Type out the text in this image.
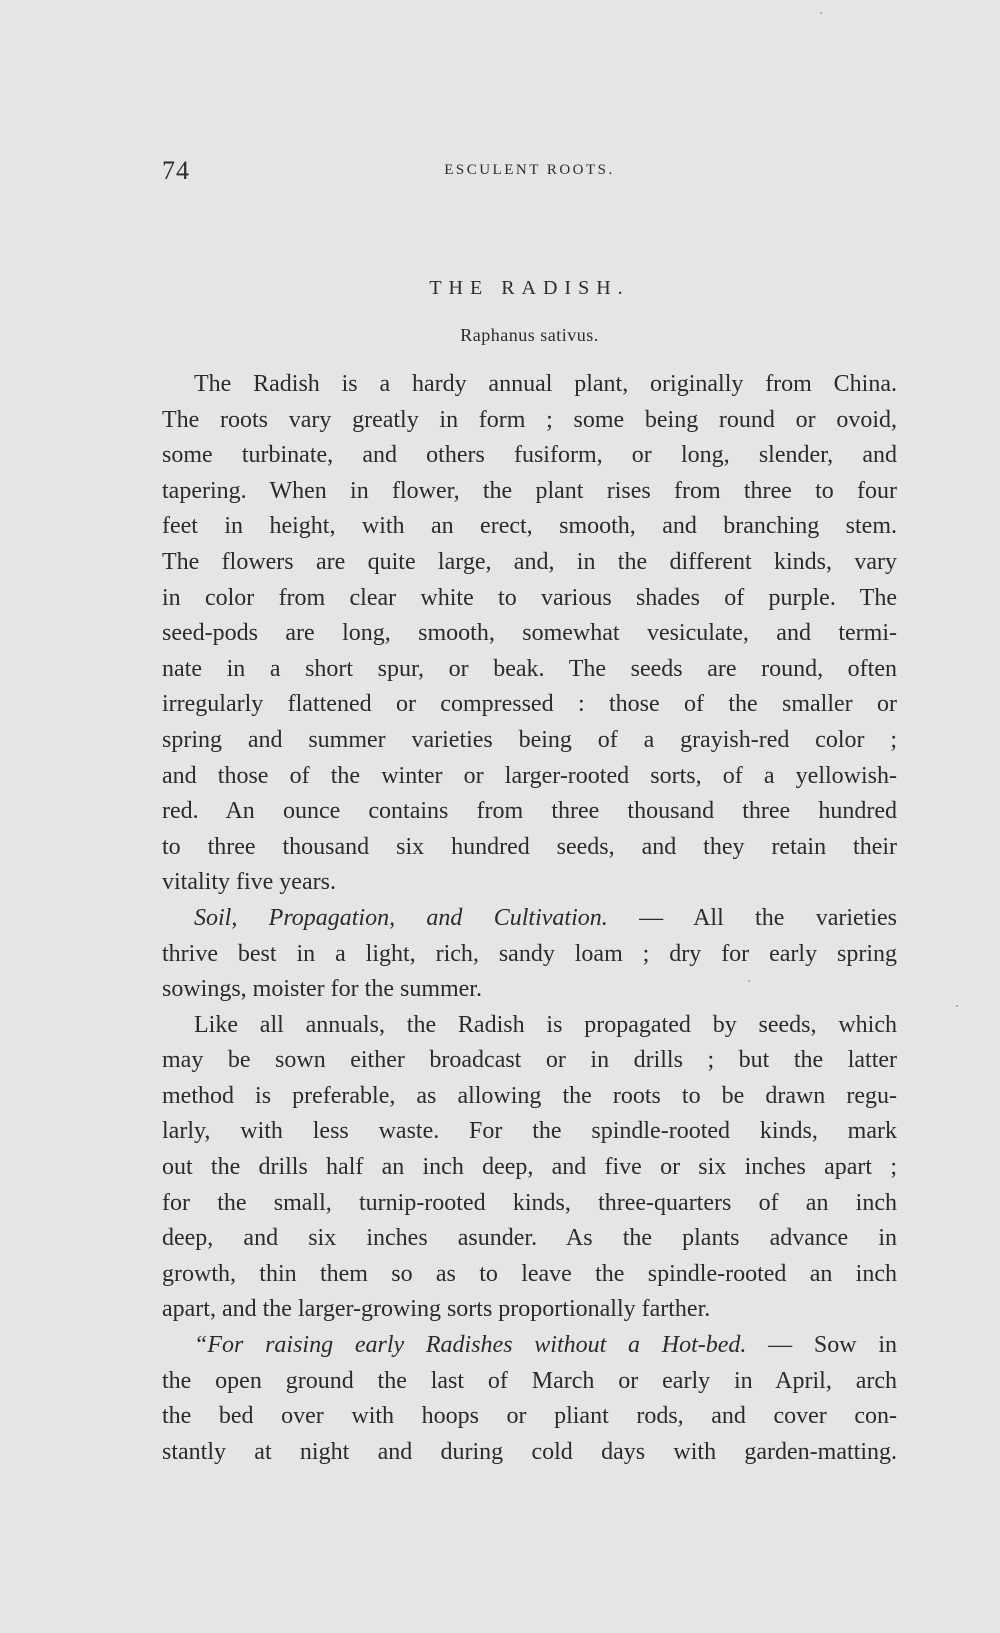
74	ESCULENT ROOTS.
THE RADISH.
Raphanus sativus.
The Radish is a hardy annual plant, originally from China.
The roots vary greatly in form ; some being round or ovoid,
some turbinate, and others fusiform, or long, slender, and
tapering. When in flower, the plant rises from three to four
feet in height, with an erect, smooth, and branching stem.
The flowers are quite large, and, in the different kinds, vary
in color from clear white to various shades of purple. The
seed-pods are long, smooth, somewhat vesiculate, and termi-
nate in a short spur, or beak. The seeds are round, often
irregularly flattened or compressed : those of the smaller or
spring and summer varieties being of a grayish-red color ;
and those of the winter or larger-rooted sorts, of a yellowish-
red. An ounce contains from three thousand three hundred
to three thousand six hundred seeds, and they retain their
vitality five years.
Soil, Propagation, and Cultivation. — All the varieties
thrive best in a light, rich, sandy loam ; dry for early spring
sowings, moister for the summer.
Like all annuals, the Radish is propagated by seeds, which
may be sown either broadcast or in drills ; but the latter
method is preferable, as allowing the roots to be drawn regu-
larly, with less waste. For the spindle-rooted kinds, mark
out the drills half an inch deep, and five or six inches apart ;
for the small, turnip-rooted kinds, three-quarters of an inch
deep, and six inches asunder. As the plants advance in
growth, thin them so as to leave the spindle-rooted an inch
apart, and the larger-growing sorts proportionally farther.
“For raising early Radishes without a Hot-bed. — Sow in
the open ground the last of March or early in April, arch
the bed over with hoops or pliant rods, and cover con-
stantly at night and during cold days with garden-matting.
